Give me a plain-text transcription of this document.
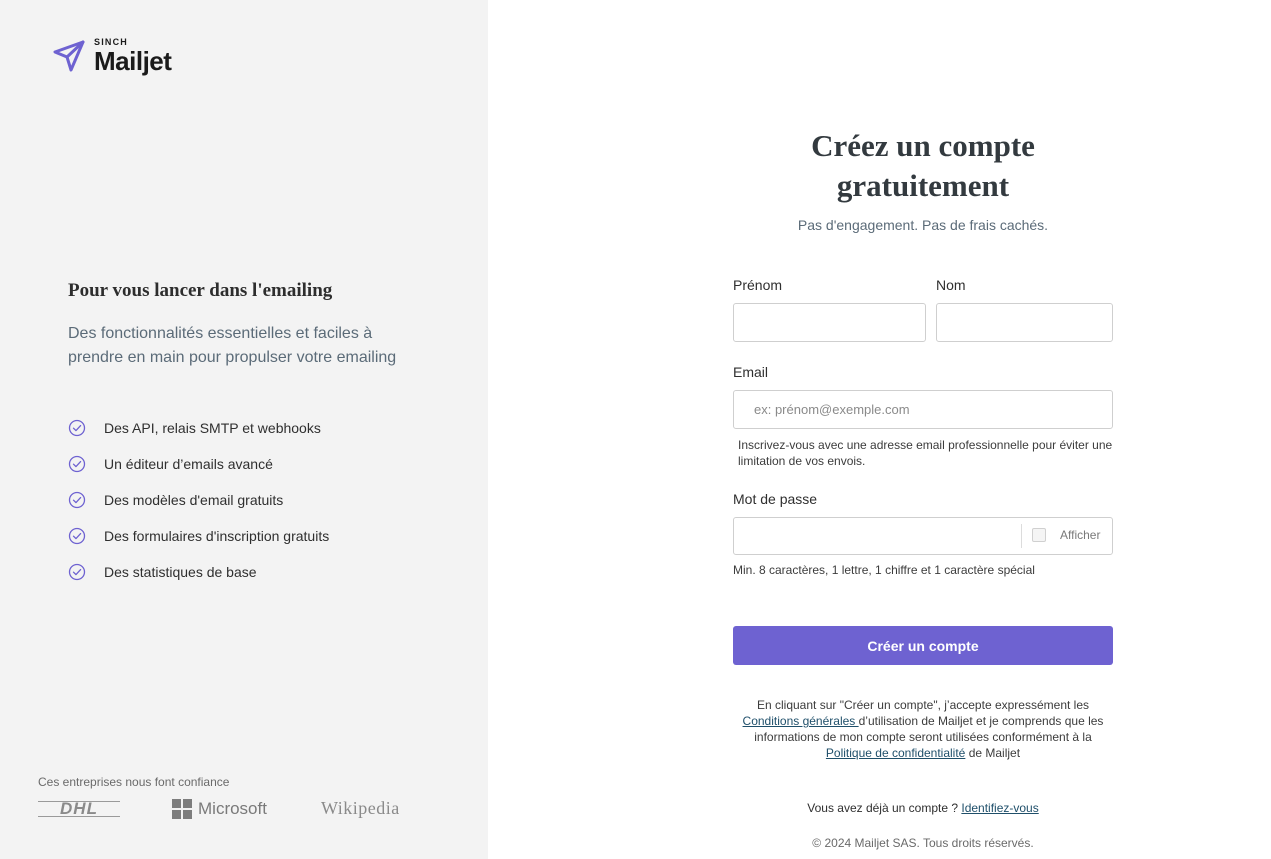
SINCH
Mailjet
Pour vous lancer dans l'emailing

Des fonctionnalités essentielles et faciles à prendre en main pour propulser votre emailing

Des API, relais SMTP et webhooks
Un éditeur d’emails avancé
Des modèles d'email gratuits
Des formulaires d'inscription gratuits
Des statistiques de base
Ces entreprises nous font confiance
DHL	Microsoft	Wikipedia
Créez un compte gratuitement

Pas d'engagement. Pas de frais cachés.

Prénom	Nom
Email
ex: prénom@exemple.com

Inscrivez-vous avec une adresse email professionnelle pour éviter une limitation de vos envois.

Mot de passe
Afficher

Min. 8 caractères, 1 lettre, 1 chiffre et 1 caractère spécial

Créer un compte

En cliquant sur "Créer un compte", j’accepte expressément les Conditions générales d’utilisation de Mailjet et je comprends que les informations de mon compte seront utilisées conformément à la Politique de confidentialité de Mailjet

Vous avez déjà un compte ? Identifiez-vous

© 2024 Mailjet SAS. Tous droits réservés.
